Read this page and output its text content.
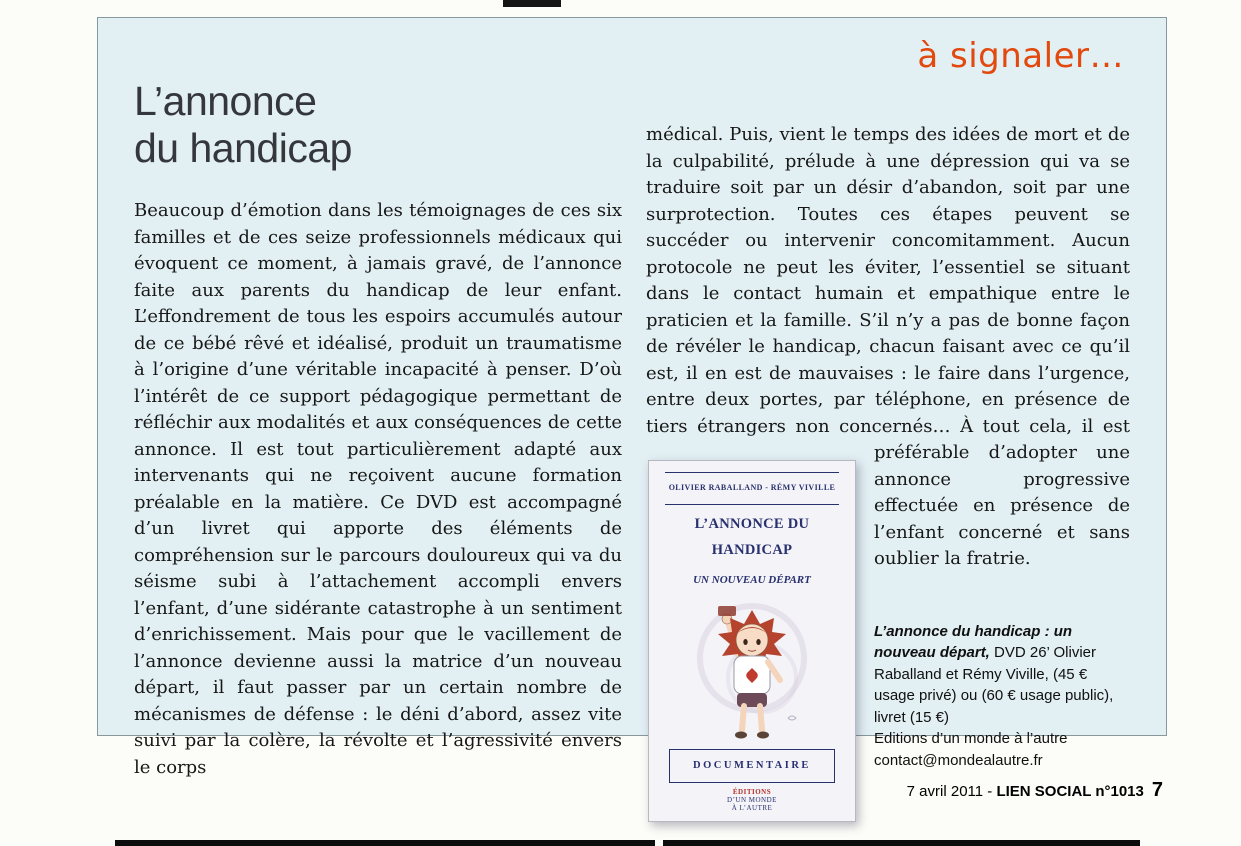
à signaler…
L’annonce
du handicap

Beaucoup d’émotion dans les témoignages de ces six familles et de ces seize professionnels médicaux qui évoquent ce moment, à jamais gravé, de l’annonce faite aux parents du handicap de leur enfant. L’effondrement de tous les espoirs accumulés autour de ce bébé rêvé et idéalisé, produit un traumatisme à l’origine d’une véritable incapacité à penser. D’où l’intérêt de ce support pédagogique permettant de réfléchir aux modalités et aux conséquences de cette annonce. Il est tout particulièrement adapté aux intervenants qui ne reçoivent aucune formation préalable en la matière. Ce DVD est accompagné d’un livret qui apporte des éléments de compréhension sur le parcours douloureux qui va du séisme subi à l’attachement accompli envers l’enfant, d’une sidérante catastrophe à un sentiment d’enrichissement. Mais pour que le vacillement de l’annonce devienne aussi la matrice d’un nouveau départ, il faut passer par un certain nombre de mécanismes de défense : le déni d’abord, assez vite suivi par la colère, la révolte et l’agressivité envers le corps

médical. Puis, vient le temps des idées de mort et de la culpabilité, prélude à une dépression qui va se traduire soit par un désir d’abandon, soit par une surprotection. Toutes ces étapes peuvent se succéder ou intervenir concomitamment. Aucun protocole ne peut les éviter, l’essentiel se situant dans le contact humain et empathique entre le praticien et la famille. S’il n’y a pas de bonne façon de révéler le handicap, chacun faisant avec ce qu’il est, il en est de mauvaises : le faire dans l’urgence, entre deux portes, par téléphone, en présence de tiers étrangers non concernés… À tout
OLIVIER RABALLAND - RÉMY VIVILLE
L’ANNONCE DU HANDICAP
UN NOUVEAU DÉPART
DOCUMENTAIRE
ÉDITIONS
D’UN MONDE
À L’AUTRE
cela, il est préférable d’adopter une annonce progressive effectuée en présence de l’enfant concerné et sans oublier la fratrie.

L’annonce du handicap : un nouveau départ, DVD 26’ Olivier Raballand et Rémy Viville, (45 € usage privé) ou (60 € usage public), livret (15 €)
Editions d’un monde à l’autre
contact@mondealautre.fr
7 avril 2011 - LIEN SOCIAL n°1013 7
